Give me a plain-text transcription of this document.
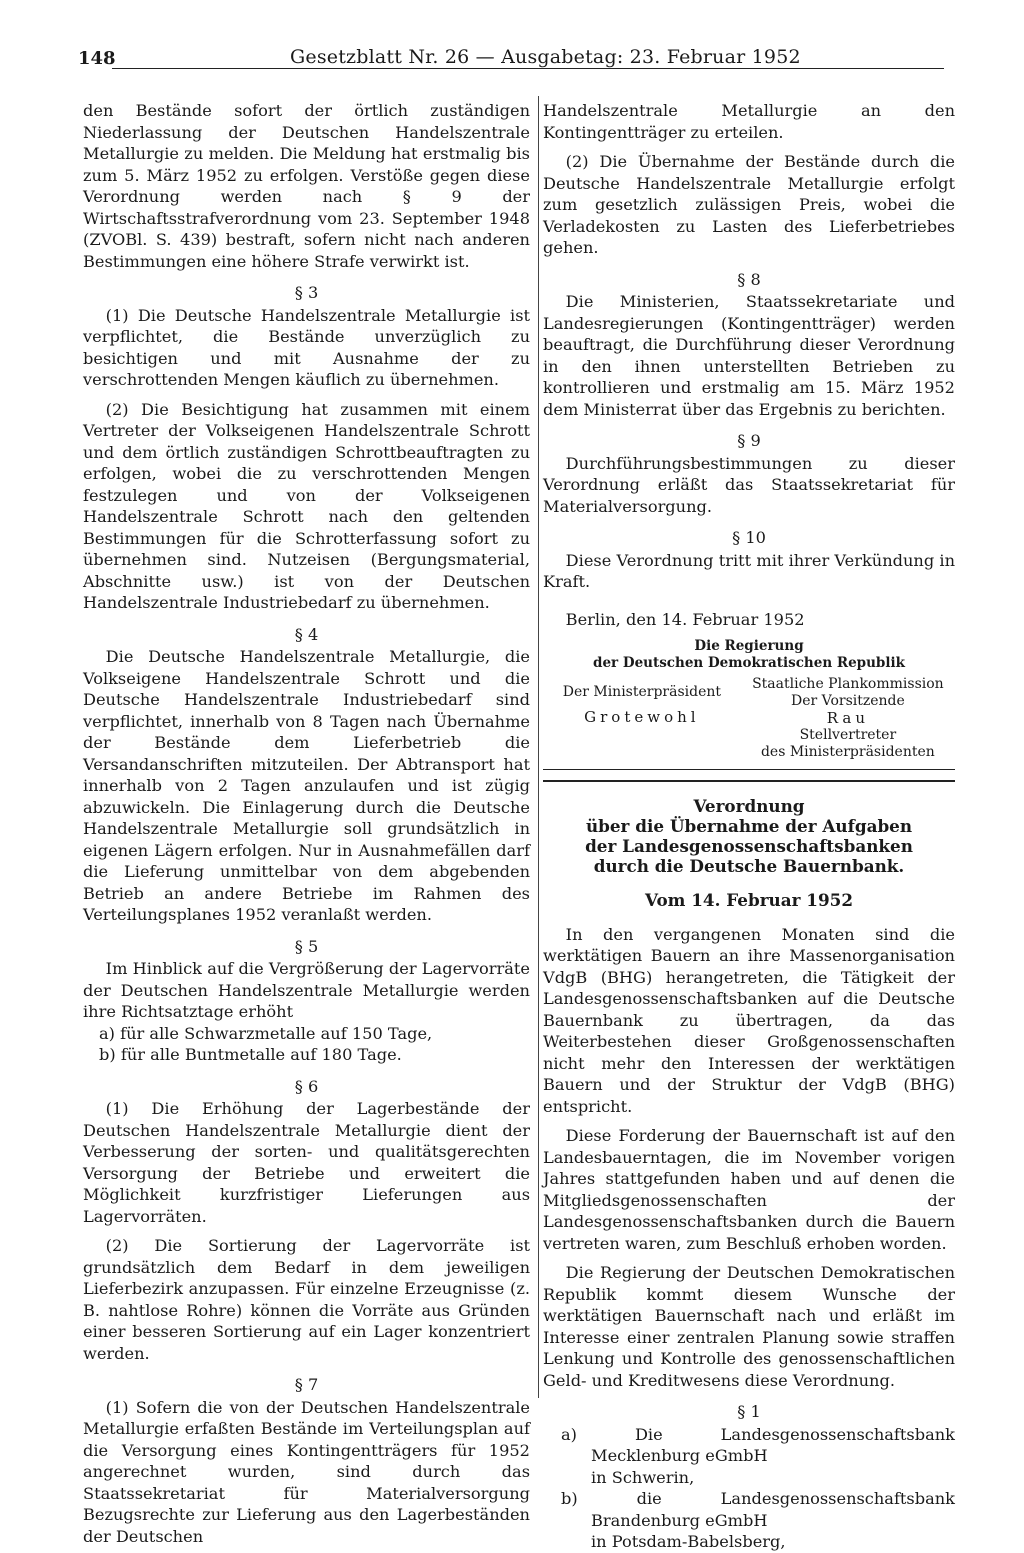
148	Gesetzblatt Nr. 26 — Ausgabetag: 23. Februar 1952

den Bestände sofort der örtlich zuständigen Niederlassung der Deutschen Handelszentrale Metallurgie zu melden. Die Meldung hat erstmalig bis zum 5. März 1952 zu erfolgen. Verstöße gegen diese Verordnung werden nach § 9 der Wirtschaftsstrafverordnung vom 23. September 1948 (ZVOBl. S. 439) bestraft, sofern nicht nach anderen Bestimmungen eine höhere Strafe verwirkt ist.

§ 3

(1) Die Deutsche Handelszentrale Metallurgie ist verpflichtet, die Bestände unverzüglich zu besichtigen und mit Ausnahme der zu verschrottenden Mengen käuflich zu übernehmen.

(2) Die Besichtigung hat zusammen mit einem Vertreter der Volkseigenen Handelszentrale Schrott und dem örtlich zuständigen Schrottbeauftragten zu erfolgen, wobei die zu verschrottenden Mengen festzulegen und von der Volkseigenen Handelszentrale Schrott nach den geltenden Bestimmungen für die Schrotterfassung sofort zu übernehmen sind. Nutzeisen (Bergungsmaterial, Abschnitte usw.) ist von der Deutschen Handelszentrale Industriebedarf zu übernehmen.

§ 4

Die Deutsche Handelszentrale Metallurgie, die Volkseigene Handelszentrale Schrott und die Deutsche Handelszentrale Industriebedarf sind verpflichtet, innerhalb von 8 Tagen nach Übernahme der Bestände dem Lieferbetrieb die Versandanschriften mitzuteilen. Der Abtransport hat innerhalb von 2 Tagen anzulaufen und ist zügig abzuwickeln. Die Einlagerung durch die Deutsche Handelszentrale Metallurgie soll grundsätzlich in eigenen Lägern erfolgen. Nur in Ausnahmefällen darf die Lieferung unmittelbar von dem abgebenden Betrieb an andere Betriebe im Rahmen des Verteilungsplanes 1952 veranlaßt werden.

§ 5

Im Hinblick auf die Vergrößerung der Lagervorräte der Deutschen Handelszentrale Metallurgie werden ihre Richtsatztage erhöht

a) für alle Schwarzmetalle auf 150 Tage,

b) für alle Buntmetalle auf 180 Tage.

§ 6

(1) Die Erhöhung der Lagerbestände der Deutschen Handelszentrale Metallurgie dient der Verbesserung der sorten- und qualitätsgerechten Versorgung der Betriebe und erweitert die Möglichkeit kurzfristiger Lieferungen aus Lagervorräten.

(2) Die Sortierung der Lagervorräte ist grundsätzlich dem Bedarf in dem jeweiligen Lieferbezirk anzupassen. Für einzelne Erzeugnisse (z. B. nahtlose Rohre) können die Vorräte aus Gründen einer besseren Sortierung auf ein Lager konzentriert werden.

§ 7

(1) Sofern die von der Deutschen Handelszentrale Metallurgie erfaßten Bestände im Verteilungsplan auf die Versorgung eines Kontingentträgers für 1952 angerechnet wurden, sind durch das Staatssekretariat für Materialversorgung Bezugsrechte zur Lieferung aus den Lagerbeständen der Deutschen

Handelszentrale Metallurgie an den Kontingentträger zu erteilen.

(2) Die Übernahme der Bestände durch die Deutsche Handelszentrale Metallurgie erfolgt zum gesetzlich zulässigen Preis, wobei die Verladekosten zu Lasten des Lieferbetriebes gehen.

§ 8

Die Ministerien, Staatssekretariate und Landesregierungen (Kontingentträger) werden beauftragt, die Durchführung dieser Verordnung in den ihnen unterstellten Betrieben zu kontrollieren und erstmalig am 15. März 1952 dem Ministerrat über das Ergebnis zu berichten.

§ 9

Durchführungsbestimmungen zu dieser Verordnung erläßt das Staatssekretariat für Materialversorgung.

§ 10

Diese Verordnung tritt mit ihrer Verkündung in Kraft.

Berlin, den 14. Februar 1952

Die Regierung
der Deutschen Demokratischen Republik
Der Ministerpräsident
Grotewohl
Staatliche Plankommission
Der Vorsitzende
Rau
Stellvertreter
des Ministerpräsidenten
Verordnung
über die Übernahme der Aufgaben
der Landesgenossenschaftsbanken
durch die Deutsche Bauernbank.
Vom 14. Februar 1952

In den vergangenen Monaten sind die werktätigen Bauern an ihre Massenorganisation VdgB (BHG) herangetreten, die Tätigkeit der Landesgenossenschaftsbanken auf die Deutsche Bauernbank zu übertragen, da das Weiterbestehen dieser Großgenossenschaften nicht mehr den Interessen der werktätigen Bauern und der Struktur der VdgB (BHG) entspricht.

Diese Forderung der Bauernschaft ist auf den Landesbauerntagen, die im November vorigen Jahres stattgefunden haben und auf denen die Mitgliedsgenossenschaften der Landesgenossenschaftsbanken durch die Bauern vertreten waren, zum Beschluß erhoben worden.

Die Regierung der Deutschen Demokratischen Republik kommt diesem Wunsche der werktätigen Bauernschaft nach und erläßt im Interesse einer zentralen Planung sowie straffen Lenkung und Kontrolle des genossenschaftlichen Geld- und Kreditwesens diese Verordnung.

§ 1

a) Die Landesgenossenschaftsbank Mecklenburg eGmbH

in Schwerin,

b) die Landesgenossenschaftsbank Brandenburg eGmbH

in Potsdam-Babelsberg,
